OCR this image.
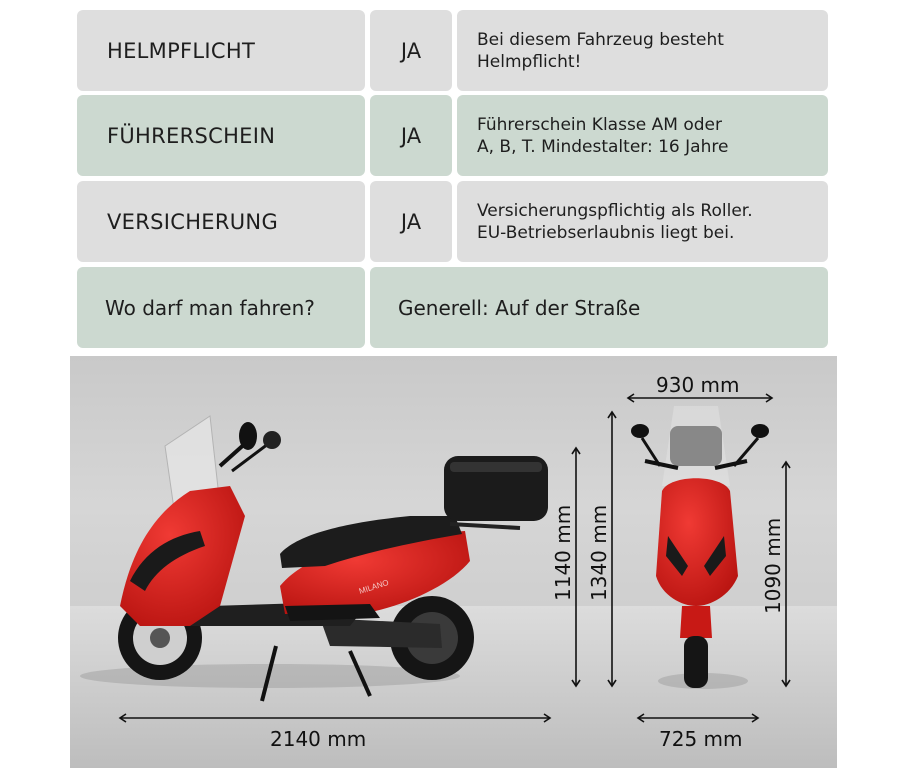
HELMPFLICHT	JA	Bei diesem Fahrzeug besteht
Helmpflicht!
FÜHRERSCHEIN	JA	Führerschein Klasse AM oder
A, B, T. Mindestalter: 16 Jahre
VERSICHERUNG	JA	Versicherungspflichtig als Roller.
EU-Betriebserlaubnis liegt bei.
Wo darf man fahren?	Generell: Auf der Straße
MILANO
2140 mm
1140 mm 1340 mm
930 mm
1090 mm
725 mm
